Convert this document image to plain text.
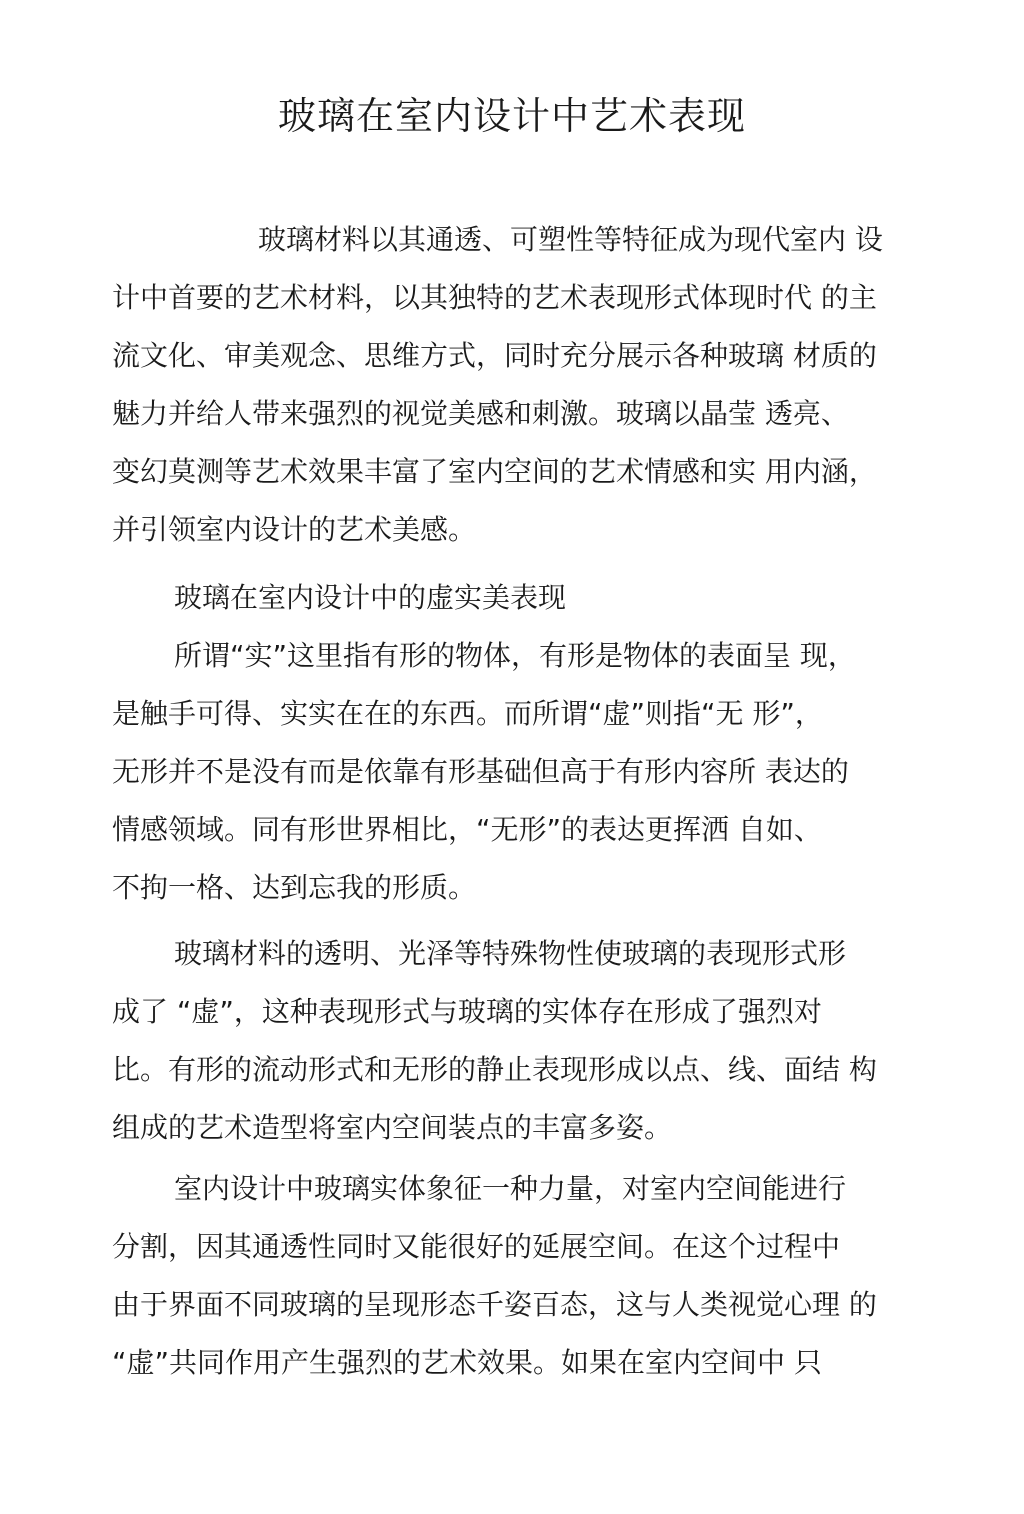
玻璃在室内设计中艺术表现
玻璃材料以其通透、可塑性等特征成为现代室内 设
计中首要的艺术材料，以其独特的艺术表现形式体现时代 的主
流文化、审美观念、思维方式，同时充分展示各种玻璃 材质的
魅力并给人带来强烈的视觉美感和刺激。玻璃以晶莹 透亮、
变幻莫测等艺术效果丰富了室内空间的艺术情感和实 用内涵，
并引领室内设计的艺术美感。
玻璃在室内设计中的虚实美表现
所谓“实”这里指有形的物体，有形是物体的表面呈 现，
是触手可得、实实在在的东西。而所谓“虚”则指“无 形”，
无形并不是没有而是依靠有形基础但高于有形内容所 表达的
情感领域。同有形世界相比，“无形”的表达更挥洒 自如、
不拘一格、达到忘我的形质。
玻璃材料的透明、光泽等特殊物性使玻璃的表现形式形
成了 “虚”，这种表现形式与玻璃的实体存在形成了强烈对
比。有形的流动形式和无形的静止表现形成以点、线、面结 构
组成的艺术造型将室内空间装点的丰富多姿。
室内设计中玻璃实体象征一种力量，对室内空间能进行
分割，因其通透性同时又能很好的延展空间。在这个过程中
由于界面不同玻璃的呈现形态千姿百态，这与人类视觉心理 的
“虚”共同作用产生强烈的艺术效果。如果在室内空间中 只
